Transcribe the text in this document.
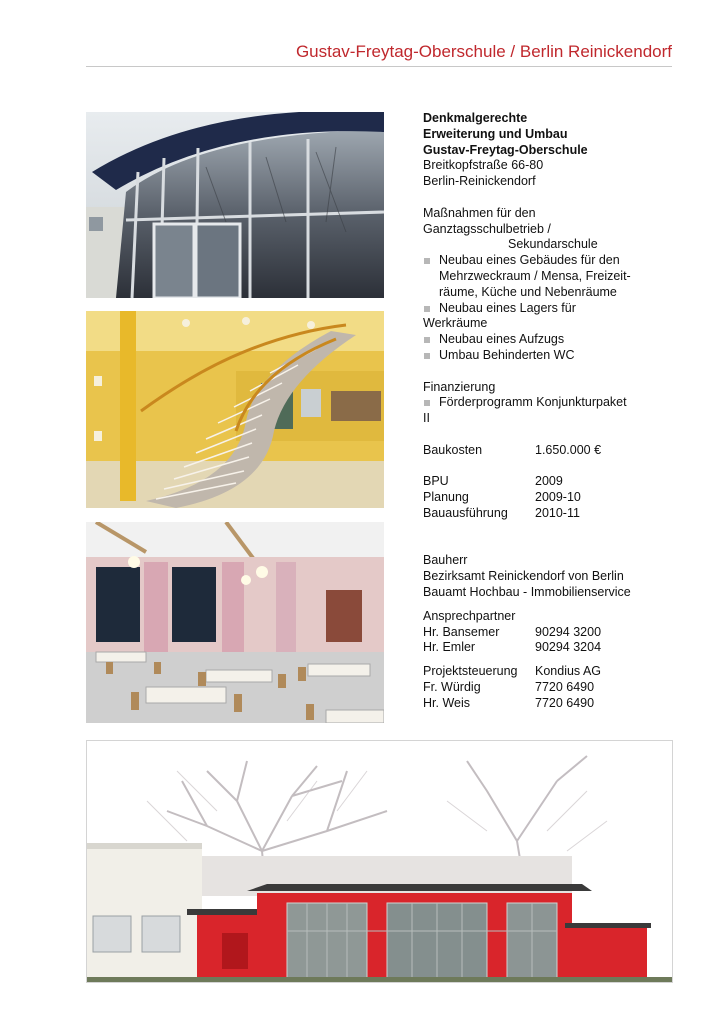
Gustav-Freytag-Oberschule / Berlin Reinickendorf

Denkmalgerechte

Erweiterung und Umbau

Gustav-Freytag-Oberschule

Breitkopfstraße 66-80

Berlin-Reinickendorf

Maßnahmen für den

Ganztagsschulbetrieb /

Sekundarschule

Neubau eines Gebäudes für den

Mehrzweckraum / Mensa, Freizeit-

räume, Küche und Nebenräume

Neubau eines Lagers für

Werkräume

Neubau eines Aufzugs

Umbau Behinderten WC

Finanzierung

Förderprogramm Konjunkturpaket

II

Baukosten	1.650.000 €
BPU	2009
Planung	2009-10
Bauausführung	2010-11

Bauherr

Bezirksamt Reinickendorf von Berlin

Bauamt Hochbau - Immobilienservice

Ansprechpartner

Hr. Bansemer	90294 3200
Hr. Emler	90294 3204
Projektsteuerung	Kondius AG
Fr. Würdig	7720 6490
Hr. Weis	7720 6490
